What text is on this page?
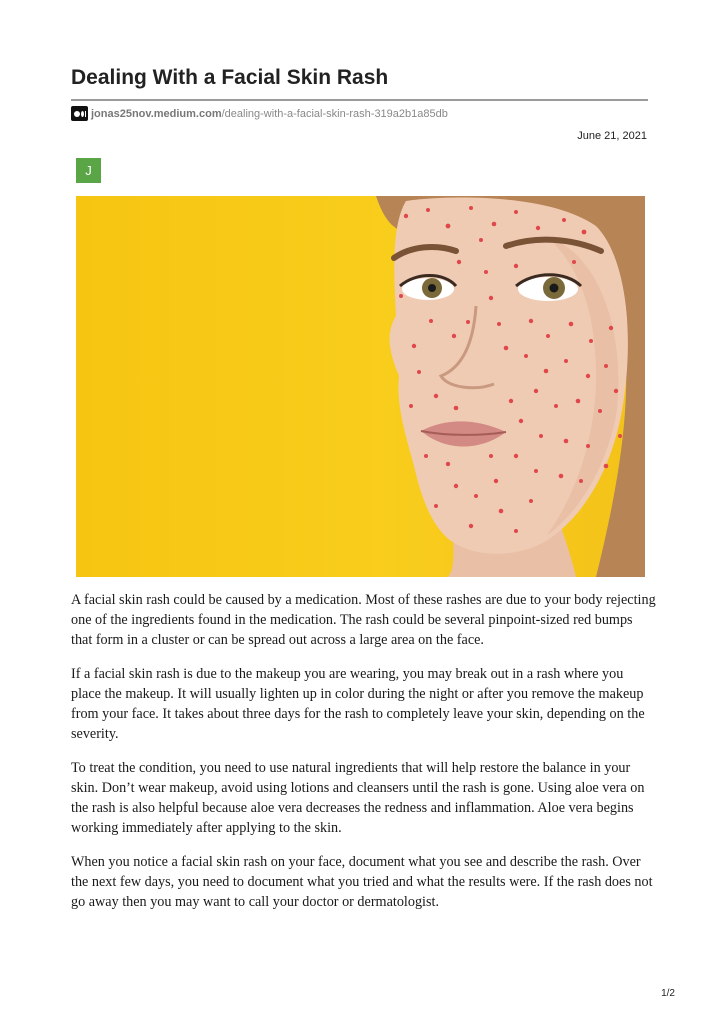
Dealing With a Facial Skin Rash
jonas25nov.medium.com /dealing-with-a-facial-skin-rash-319a2b1a85db
June 21, 2021
J

A facial skin rash could be caused by a medication. Most of these rashes are due to your body rejecting one of the ingredients found in the medication. The rash could be several pinpoint-sized red bumps that form in a cluster or can be spread out across a large area on the face.

If a facial skin rash is due to the makeup you are wearing, you may break out in a rash where you place the makeup. It will usually lighten up in color during the night or after you remove the makeup from your face. It takes about three days for the rash to completely leave your skin, depending on the severity.

To treat the condition, you need to use natural ingredients that will help restore the balance in your skin. Don’t wear makeup, avoid using lotions and cleansers until the rash is gone. Using aloe vera on the rash is also helpful because aloe vera decreases the redness and inflammation. Aloe vera begins working immediately after applying to the skin.

When you notice a facial skin rash on your face, document what you see and describe the rash. Over the next few days, you need to document what you tried and what the results were. If the rash does not go away then you may want to call your doctor or dermatologist.

1/2
